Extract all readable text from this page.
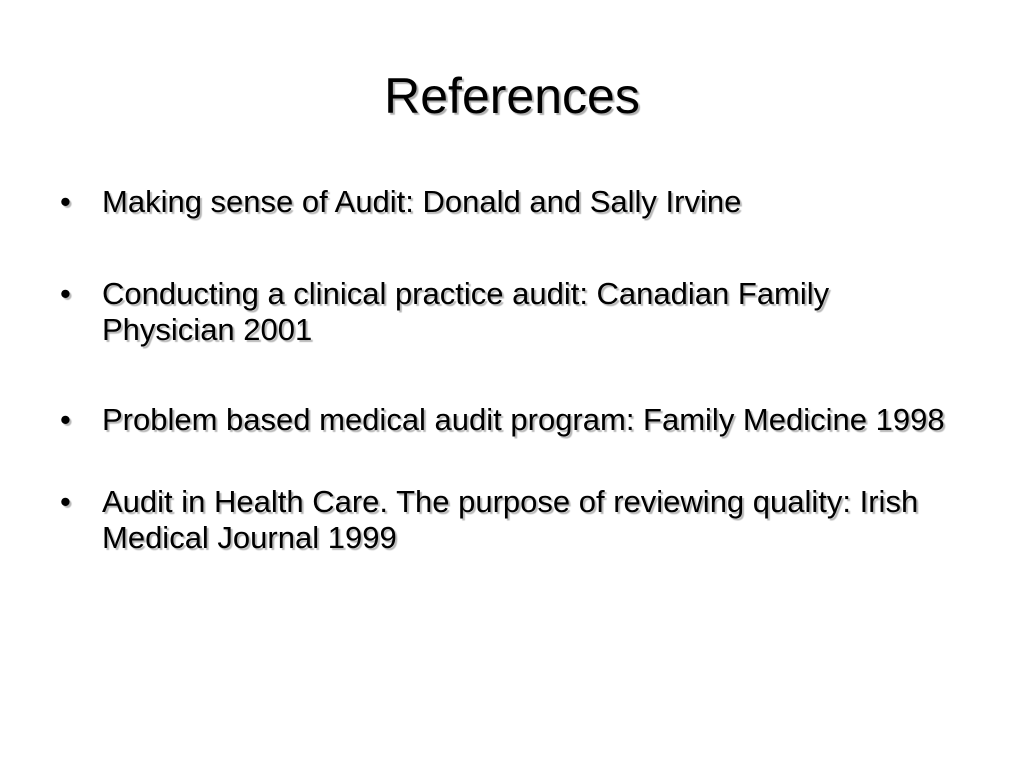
References
• Making sense of Audit: Donald and Sally Irvine
• Conducting a clinical practice audit: Canadian Family Physician 2001
• Problem based medical audit program: Family Medicine 1998
• Audit in Health Care. The purpose of reviewing quality: Irish Medical Journal 1999
